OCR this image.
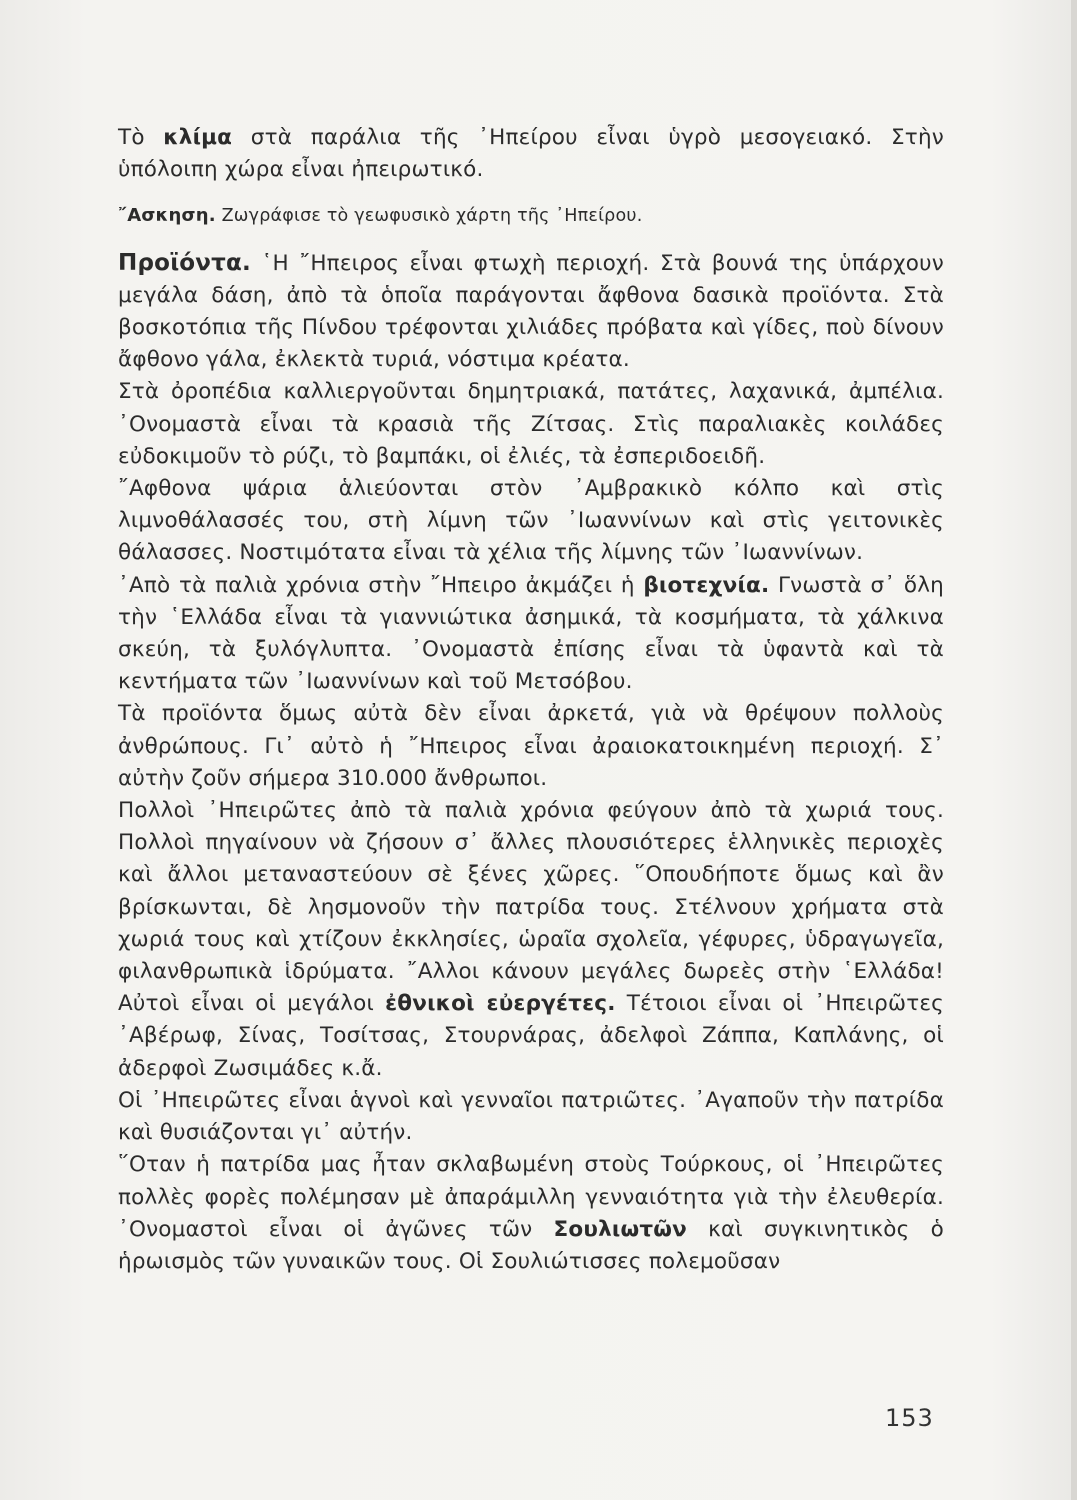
Τὸ κλίμα στὰ παράλια τῆς ᾿Ηπείρου εἶναι ὑγρὸ μεσογειακό. Στὴν ὑπόλοιπη χώρα εἶναι ἠπειρωτικό.

῎Ασκηση. Ζωγράφισε τὸ γεωφυσικὸ χάρτη τῆς ᾿Ηπείρου.

Προϊόντα. ῾Η ῎Ηπειρος εἶναι φτωχὴ περιοχή. Στὰ βουνά της ὑπάρχουν μεγάλα δάση, ἀπὸ τὰ ὁποῖα παράγονται ἄφθονα δασικὰ προϊόντα. Στὰ βοσκοτόπια τῆς Πίνδου τρέφονται χιλιάδες πρόβατα καὶ γίδες, ποὺ δίνουν ἄφθονο γάλα, ἐκλεκτὰ τυριά, νόστιμα κρέατα.

Στὰ ὀροπέδια καλλιεργοῦνται δημητριακά, πατάτες, λαχανικά, ἀμπέλια. ᾿Ονομαστὰ εἶναι τὰ κρασιὰ τῆς Ζίτσας. Στὶς παραλιακὲς κοιλάδες εὐδοκιμοῦν τὸ ρύζι, τὸ βαμπάκι, οἱ ἐλιές, τὰ ἐσπεριδοειδῆ.

῎Αφθονα ψάρια ἁλιεύονται στὸν ᾿Αμβρακικὸ κόλπο καὶ στὶς λιμνοθάλασσές του, στὴ λίμνη τῶν ᾿Ιωαννίνων καὶ στὶς γειτονικὲς θάλασσες. Νοστιμότατα εἶναι τὰ χέλια τῆς λίμνης τῶν ᾿Ιωαννίνων.

᾿Απὸ τὰ παλιὰ χρόνια στὴν ῎Ηπειρο ἀκμάζει ἡ βιοτεχνία. Γνωστὰ σ᾿ ὅλη τὴν ῾Ελλάδα εἶναι τὰ γιαννιώτικα ἀσημικά, τὰ κοσμήματα, τὰ χάλκινα σκεύη, τὰ ξυλόγλυπτα. ᾿Ονομαστὰ ἐπίσης εἶναι τὰ ὑφαντὰ καὶ τὰ κεντήματα τῶν ᾿Ιωαννίνων καὶ τοῦ Μετσόβου.

Τὰ προϊόντα ὅμως αὐτὰ δὲν εἶναι ἀρκετά, γιὰ νὰ θρέψουν πολλοὺς ἀνθρώπους. Γι᾿ αὐτὸ ἡ ῎Ηπειρος εἶναι ἀραιοκατοικημένη περιοχή. Σ᾿ αὐτὴν ζοῦν σήμερα 310.000 ἄνθρωποι.

Πολλοὶ ᾿Ηπειρῶτες ἀπὸ τὰ παλιὰ χρόνια φεύγουν ἀπὸ τὰ χωριά τους. Πολλοὶ πηγαίνουν νὰ ζήσουν σ᾿ ἄλλες πλουσιότερες ἑλληνικὲς περιοχὲς καὶ ἄλλοι μεταναστεύουν σὲ ξένες χῶρες. ῞Οπουδήποτε ὅμως καὶ ἂν βρίσκωνται, δὲ λησμονοῦν τὴν πατρίδα τους. Στέλνουν χρήματα στὰ χωριά τους καὶ χτίζουν ἐκκλησίες, ὡραῖα σχολεῖα, γέφυρες, ὑδραγωγεῖα, φιλανθρωπικὰ ἱδρύματα. ῎Αλλοι κάνουν μεγάλες δωρεὲς στὴν ῾Ελλάδα! Αὐτοὶ εἶναι οἱ μεγάλοι ἐθνικοὶ εὐεργέτες. Τέτοιοι εἶναι οἱ ᾿Ηπειρῶτες ᾿Αβέρωφ, Σίνας, Τοσίτσας, Στουρνάρας, ἀδελφοὶ Ζάππα, Καπλάνης, οἱ ἀδερφοὶ Ζωσιμάδες κ.ἄ.

Οἱ ᾿Ηπειρῶτες εἶναι ἁγνοὶ καὶ γενναῖοι πατριῶτες. ᾿Αγαποῦν τὴν πατρίδα καὶ θυσιάζονται γι᾿ αὐτήν.

῞Οταν ἡ πατρίδα μας ἦταν σκλαβωμένη στοὺς Τούρκους, οἱ ᾿Ηπειρῶτες πολλὲς φορὲς πολέμησαν μὲ ἀπαράμιλλη γενναιότητα γιὰ τὴν ἐλευθερία. ᾿Ονομαστοὶ εἶναι οἱ ἀγῶνες τῶν Σουλιωτῶν καὶ συγκινητικὸς ὁ ἡρωισμὸς τῶν γυναικῶν τους. Οἱ Σουλιώτισσες πολεμοῦσαν

153
